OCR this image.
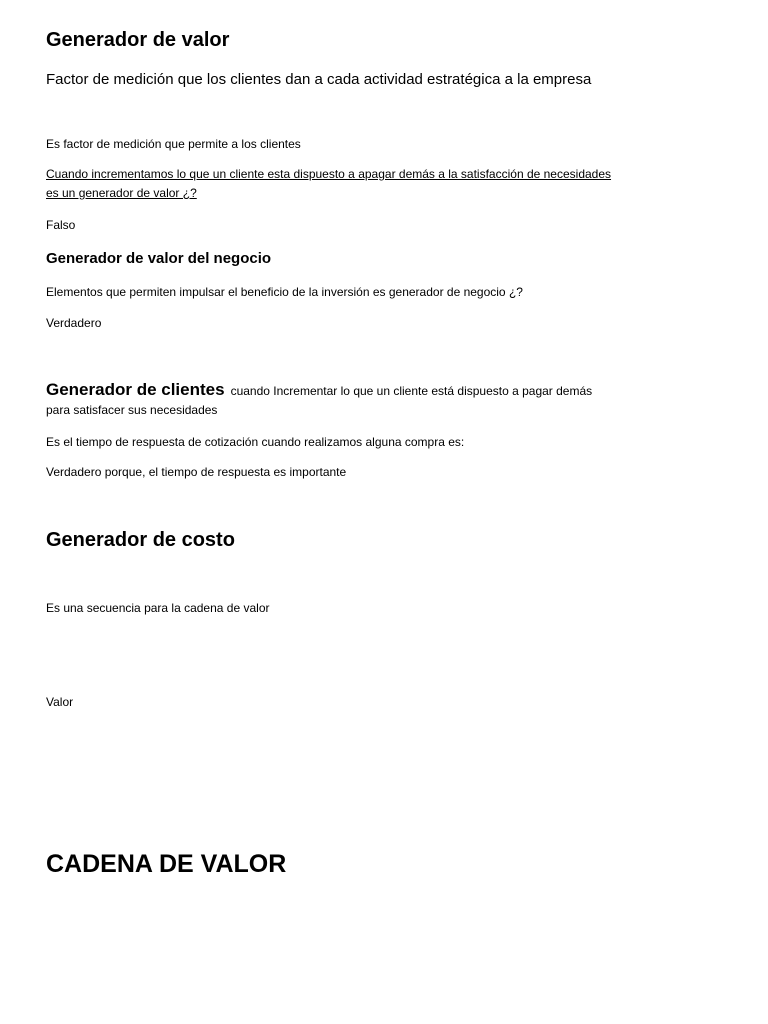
Generador de valor
Factor de medición que los clientes dan a cada actividad estratégica a la empresa
Es factor de medición que permite a los clientes
Cuando incrementamos lo que un cliente esta dispuesto a apagar demás a la satisfacción de necesidades
es un generador de valor ¿?
Falso
Generador de valor del negocio
Elementos que permiten impulsar el beneficio de la inversión es generador de negocio ¿?
Verdadero
Generador de clientes cuando Incrementar lo que un cliente está dispuesto a pagar demás
para satisfacer sus necesidades
Es el tiempo de respuesta de cotización cuando realizamos alguna compra es:
Verdadero porque, el tiempo de respuesta es importante
Generador de costo
Es una secuencia para la cadena de valor
Valor
CADENA DE VALOR
